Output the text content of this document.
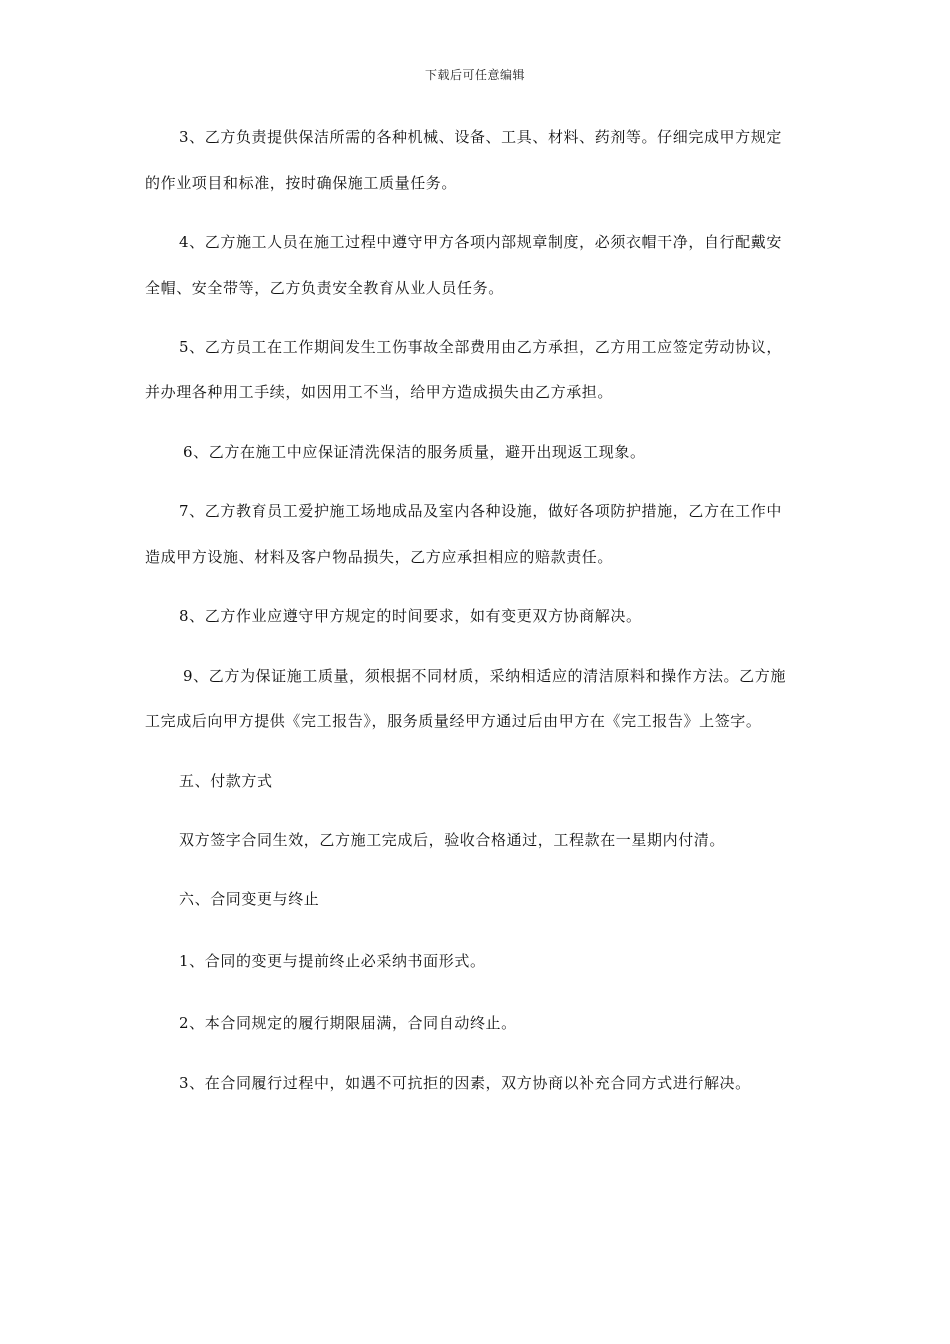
下载后可任意编辑
3、乙方负责提供保洁所需的各种机械、设备、工具、材料、药剂等。仔细完成甲方规定
的作业项目和标准，按时确保施工质量任务。
4、乙方施工人员在施工过程中遵守甲方各项内部规章制度，必须衣帽干净，自行配戴安
全帽、安全带等，乙方负责安全教育从业人员任务。
5、乙方员工在工作期间发生工伤事故全部费用由乙方承担，乙方用工应签定劳动协议，
并办理各种用工手续，如因用工不当，给甲方造成损失由乙方承担。
6、乙方在施工中应保证清洗保洁的服务质量，避开出现返工现象。
7、乙方教育员工爱护施工场地成品及室内各种设施，做好各项防护措施，乙方在工作中
造成甲方设施、材料及客户物品损失，乙方应承担相应的赔款责任。
8、乙方作业应遵守甲方规定的时间要求，如有变更双方协商解决。
9、乙方为保证施工质量，须根据不同材质，采纳相适应的清洁原料和操作方法。乙方施
工完成后向甲方提供《完工报告》，服务质量经甲方通过后由甲方在《完工报告》上签字。
五、付款方式
双方签字合同生效，乙方施工完成后，验收合格通过，工程款在一星期内付清。
六、合同变更与终止
1、合同的变更与提前终止必采纳书面形式。
2、本合同规定的履行期限届满，合同自动终止。
3、在合同履行过程中，如遇不可抗拒的因素，双方协商以补充合同方式进行解决。
